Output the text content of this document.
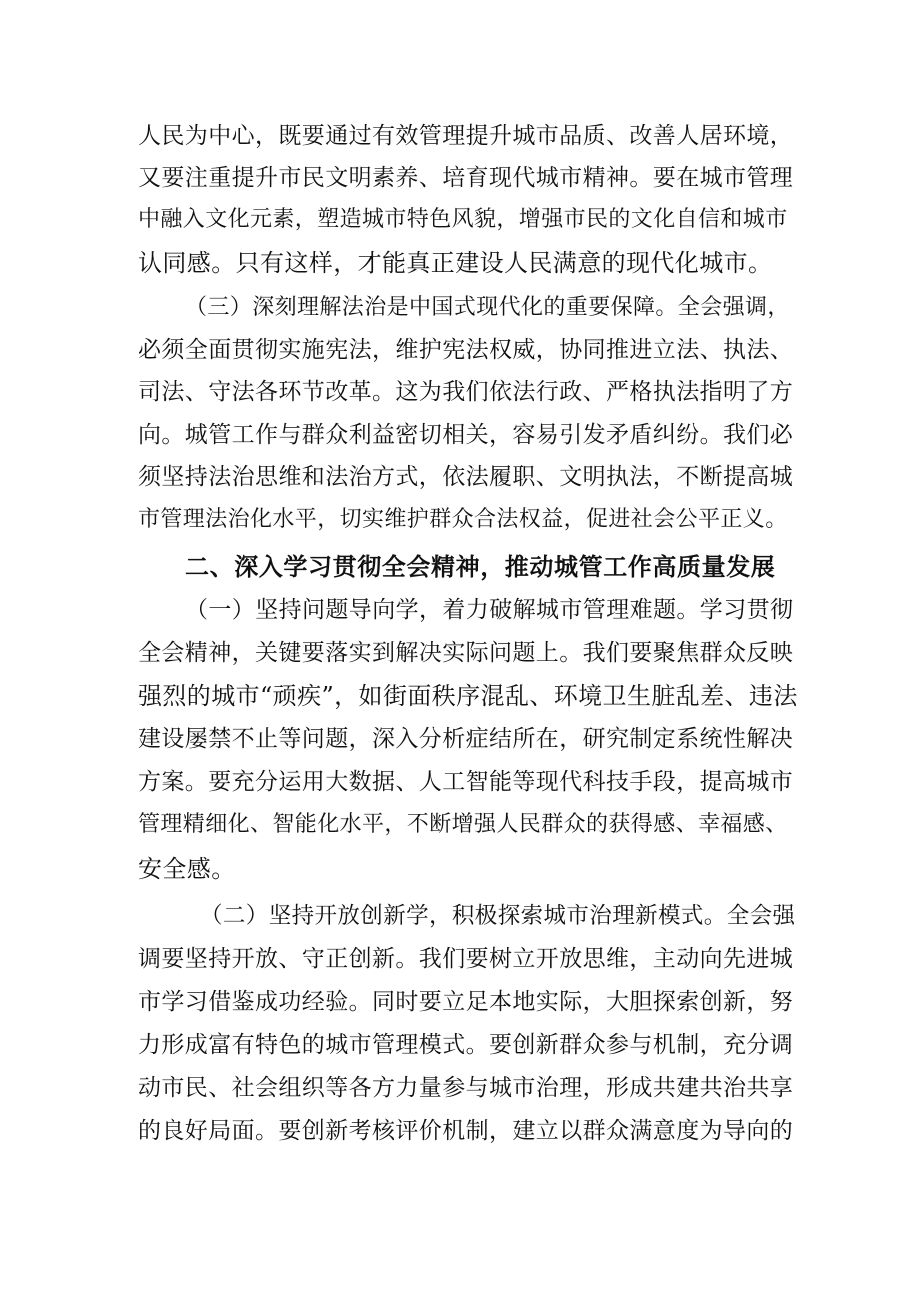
人民为中心，既要通过有效管理提升城市品质、改善人居环境，
又要注重提升市民文明素养、培育现代城市精神。要在城市管理
中融入文化元素，塑造城市特色风貌，增强市民的文化自信和城市
认同感。只有这样，才能真正建设人民满意的现代化城市。
（三）深刻理解法治是中国式现代化的重要保障。全会强调，
必须全面贯彻实施宪法，维护宪法权威，协同推进立法、执法、
司法、守法各环节改革。这为我们依法行政、严格执法指明了方
向。城管工作与群众利益密切相关，容易引发矛盾纠纷。我们必
须坚持法治思维和法治方式，依法履职、文明执法，不断提高城
市管理法治化水平，切实维护群众合法权益，促进社会公平正义。
二、深入学习贯彻全会精神，推动城管工作高质量发展
（一）坚持问题导向学，着力破解城市管理难题。学习贯彻
全会精神，关键要落实到解决实际问题上。我们要聚焦群众反映
强烈的城市“顽疾”，如街面秩序混乱、环境卫生脏乱差、违法
建设屡禁不止等问题，深入分析症结所在，研究制定系统性解决
方案。要充分运用大数据、人工智能等现代科技手段，提高城市
管理精细化、智能化水平，不断增强人民群众的获得感、幸福感、
安全感。
（二）坚持开放创新学，积极探索城市治理新模式。全会强
调要坚持开放、守正创新。我们要树立开放思维，主动向先进城
市学习借鉴成功经验。同时要立足本地实际，大胆探索创新，努
力形成富有特色的城市管理模式。要创新群众参与机制，充分调
动市民、社会组织等各方力量参与城市治理，形成共建共治共享
的良好局面。要创新考核评价机制，建立以群众满意度为导向的
